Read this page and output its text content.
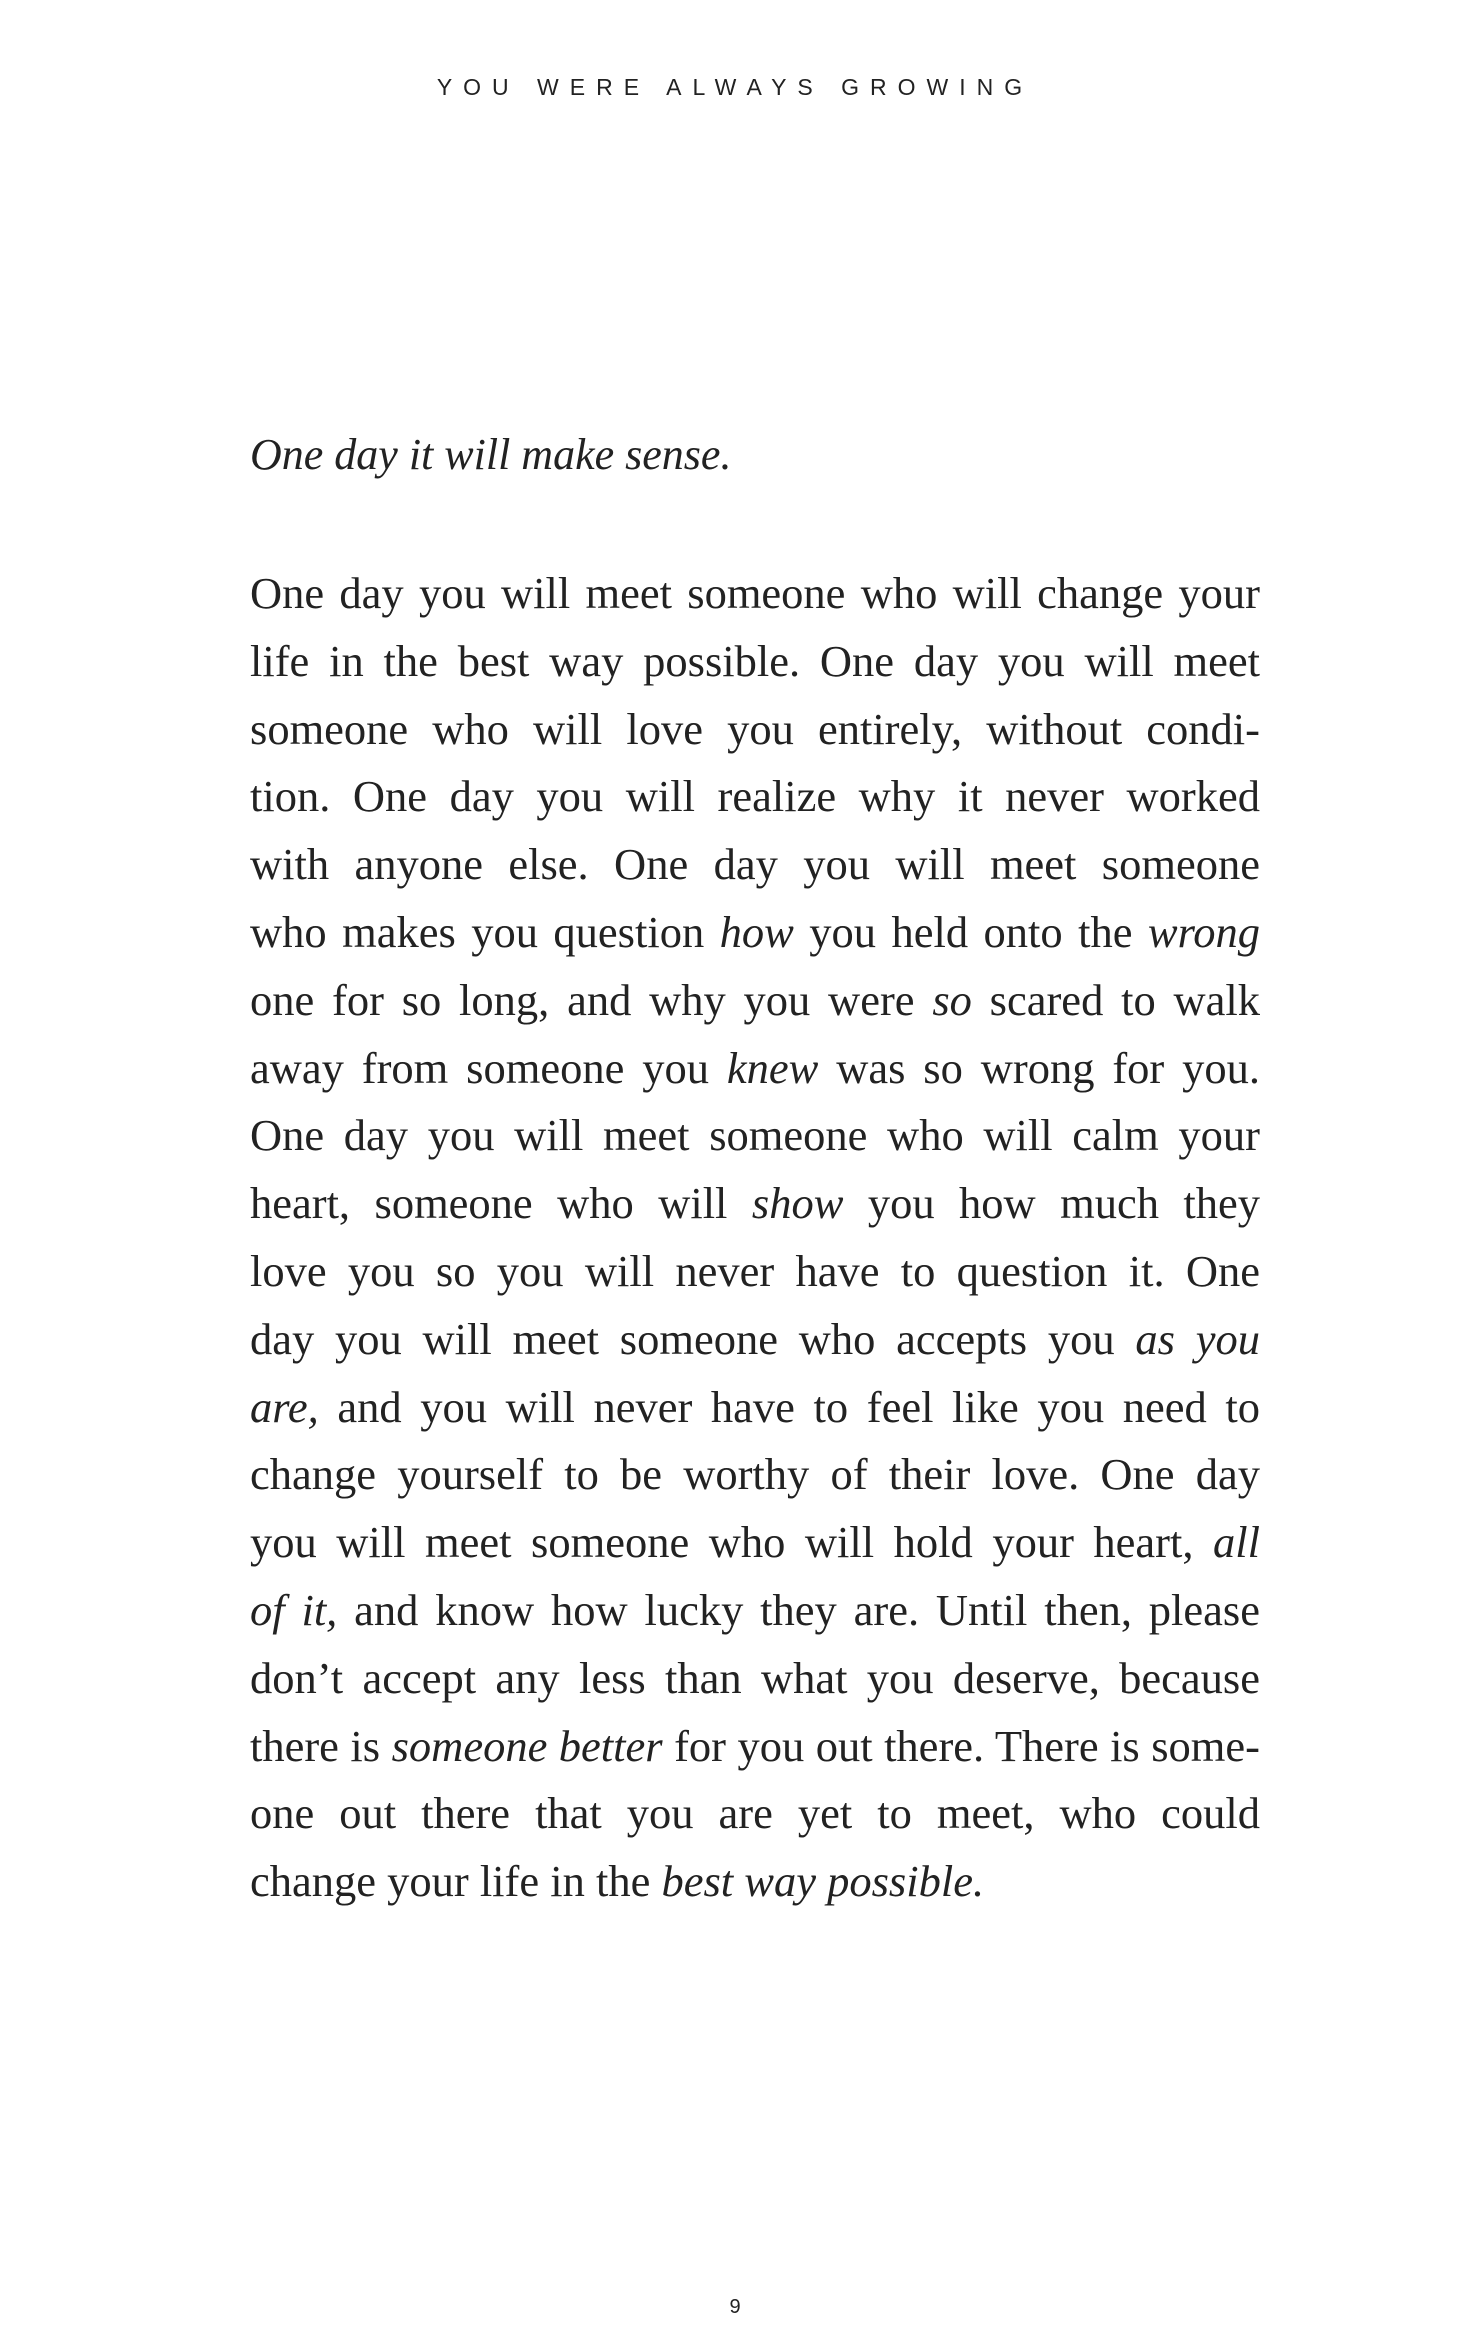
YOU WERE ALWAYS GROWING
One day it will make sense.
One day you will meet someone who will change your
life in the best way possible. One day you will meet
someone who will love you entirely, without condi-
tion. One day you will realize why it never worked
with anyone else. One day you will meet someone
who makes you question how you held onto the wrong
one for so long, and why you were so scared to walk
away from someone you knew was so wrong for you.
One day you will meet someone who will calm your
heart, someone who will show you how much they
love you so you will never have to question it. One
day you will meet someone who accepts you as you
are, and you will never have to feel like you need to
change yourself to be worthy of their love. One day
you will meet someone who will hold your heart, all
of it, and know how lucky they are. Until then, please
don’t accept any less than what you deserve, because
there is someone better for you out there. There is some-
one out there that you are yet to meet, who could
change your life in the best way possible.
9
